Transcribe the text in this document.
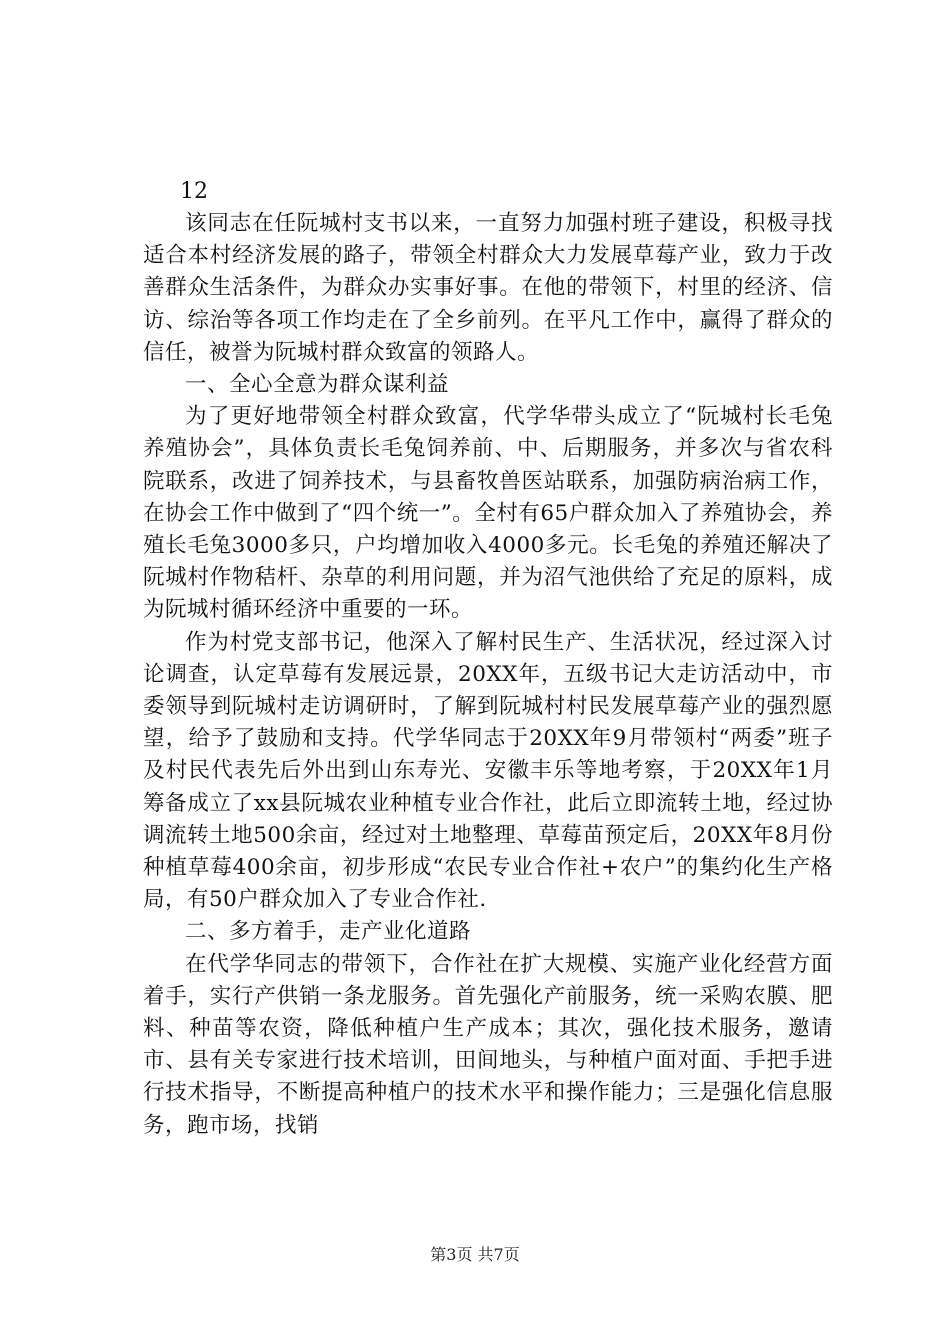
12

该同志在任阮城村支书以来，一直努力加强村班子建设，积极寻找适合本村经济发展的路子，带领全村群众大力发展草莓产业，致力于改善群众生活条件，为群众办实事好事。在他的带领下，村里的经济、信访、综治等各项工作均走在了全乡前列。在平凡工作中，赢得了群众的信任，被誉为阮城村群众致富的领路人。

一、全心全意为群众谋利益

为了更好地带领全村群众致富，代学华带头成立了“阮城村长毛兔养殖协会”，具体负责长毛兔饲养前、中、后期服务，并多次与省农科院联系，改进了饲养技术，与县畜牧兽医站联系，加强防病治病工作，在协会工作中做到了“四个统一”。全村有65户群众加入了养殖协会，养殖长毛兔3000多只，户均增加收入4000多元。长毛兔的养殖还解决了阮城村作物秸杆、杂草的利用问题，并为沼气池供给了充足的原料，成为阮城村循环经济中重要的一环。

作为村党支部书记，他深入了解村民生产、生活状况，经过深入讨论调查，认定草莓有发展远景，20XX年，五级书记大走访活动中，市委领导到阮城村走访调研时，了解到阮城村村民发展草莓产业的强烈愿望，给予了鼓励和支持。代学华同志于20XX年9月带领村“两委”班子及村民代表先后外出到山东寿光、安徽丰乐等地考察，于20XX年1月筹备成立了xx县阮城农业种植专业合作社，此后立即流转土地，经过协调流转土地500余亩，经过对土地整理、草莓苗预定后，20XX年8月份种植草莓400余亩，初步形成“农民专业合作社+农户”的集约化生产格局，有50户群众加入了专业合作社.

二、多方着手，走产业化道路

在代学华同志的带领下，合作社在扩大规模、实施产业化经营方面着手，实行产供销一条龙服务。首先强化产前服务，统一采购农膜、肥料、种苗等农资，降低种植户生产成本；其次，强化技术服务，邀请市、县有关专家进行技术培训，田间地头，与种植户面对面、手把手进行技术指导，不断提高种植户的技术水平和操作能力；三是强化信息服务，跑市场，找销

第3页 共7页
